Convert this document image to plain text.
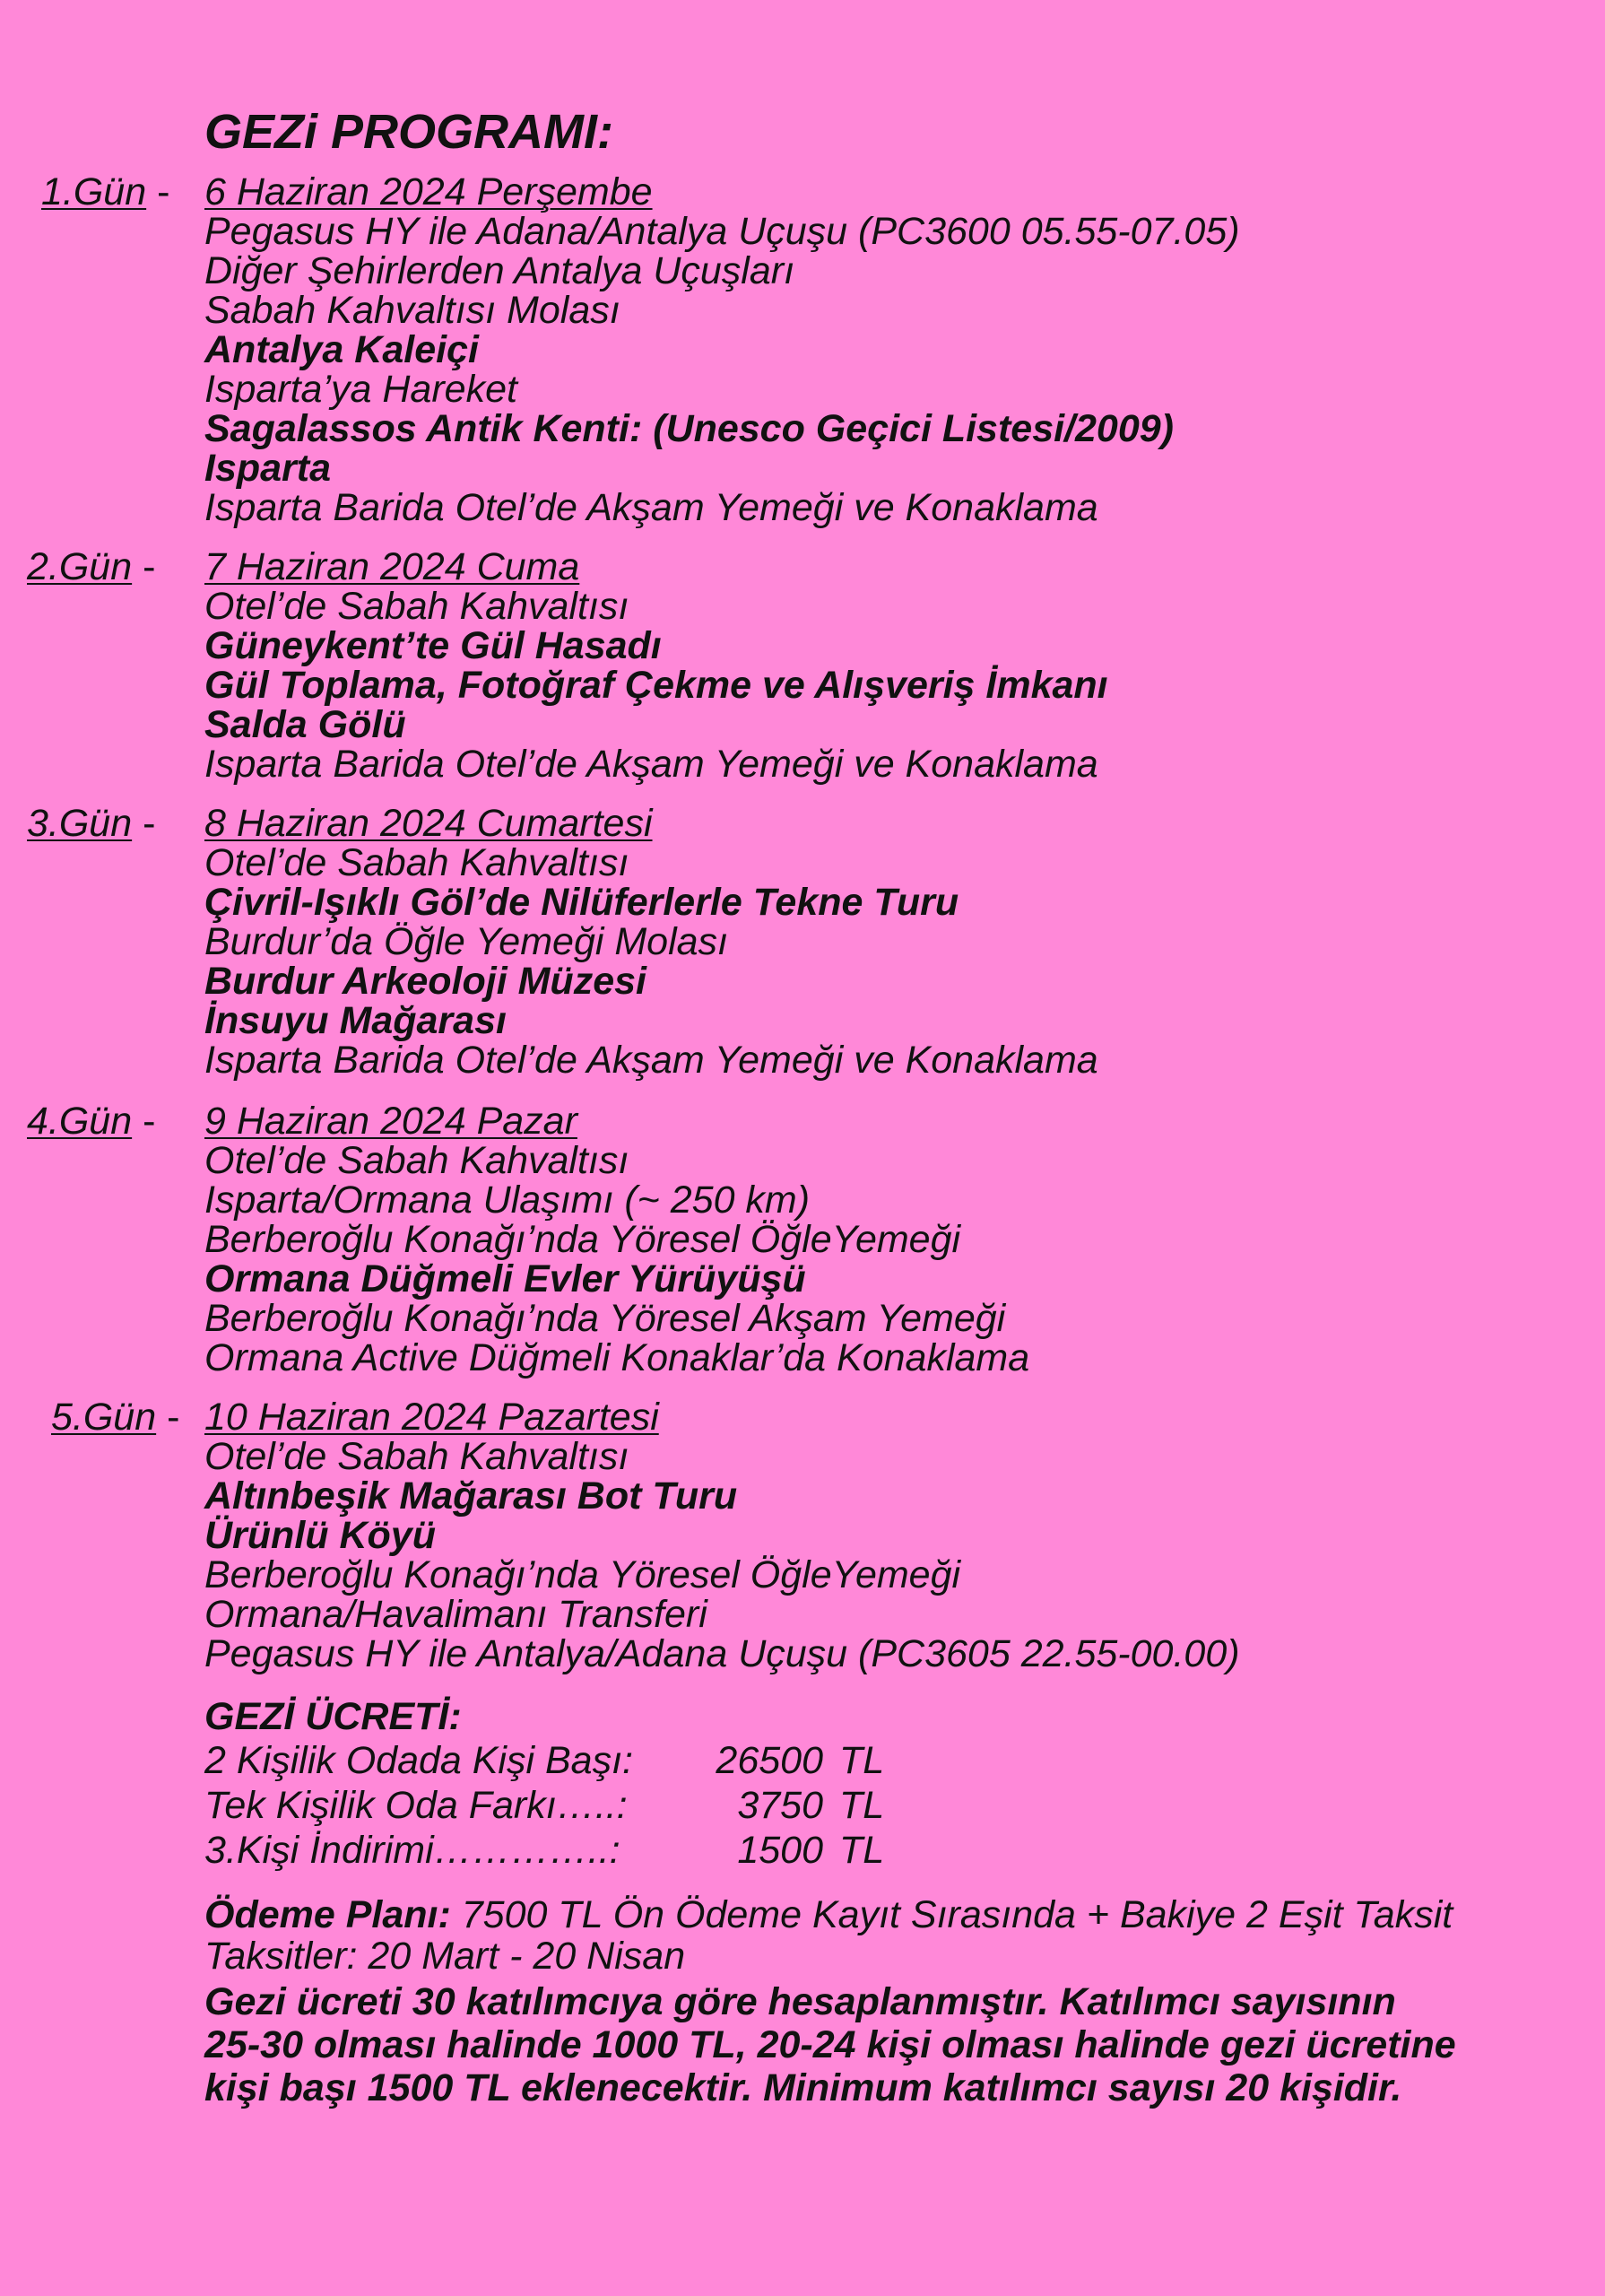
GEZi PROGRAMI:
1.Gün - 6 Haziran 2024 Perşembe
Pegasus HY ile Adana/Antalya Uçuşu (PC3600 05.55-07.05)
Diğer Şehirlerden Antalya Uçuşları
Sabah Kahvaltısı Molası
Antalya Kaleiçi
Isparta’ya Hareket
Sagalassos Antik Kenti: (Unesco Geçici Listesi/2009)
Isparta
Isparta Barida Otel’de Akşam Yemeği ve Konaklama
2.Gün - 7 Haziran 2024 Cuma
Otel’de Sabah Kahvaltısı
Güneykent’te Gül Hasadı
Gül Toplama, Fotoğraf Çekme ve Alışveriş İmkanı
Salda Gölü
Isparta Barida Otel’de Akşam Yemeği ve Konaklama
3.Gün - 8 Haziran 2024 Cumartesi
Otel’de Sabah Kahvaltısı
Çivril-Işıklı Göl’de Nilüferlerle Tekne Turu
Burdur’da Öğle Yemeği Molası
Burdur Arkeoloji Müzesi
İnsuyu Mağarası
Isparta Barida Otel’de Akşam Yemeği ve Konaklama
4.Gün - 9 Haziran 2024 Pazar
Otel’de Sabah Kahvaltısı
Isparta/Ormana Ulaşımı (~ 250 km)
Berberoğlu Konağı’nda Yöresel ÖğleYemeği
Ormana Düğmeli Evler Yürüyüşü
Berberoğlu Konağı’nda Yöresel Akşam Yemeği
Ormana Active Düğmeli Konaklar’da Konaklama
5.Gün - 10 Haziran 2024 Pazartesi
Otel’de Sabah Kahvaltısı
Altınbeşik Mağarası Bot Turu
Ürünlü Köyü
Berberoğlu Konağı’nda Yöresel ÖğleYemeği
Ormana/Havalimanı Transferi
Pegasus HY ile Antalya/Adana Uçuşu (PC3605 22.55-00.00)
GEZİ ÜCRETİ:
2 Kişilik Odada Kişi Başı:	26500 TL
Tek Kişilik Oda Farkı…..:	3750 TL
3.Kişi İndirimi…………..:	1500 TL
Ödeme Planı: 7500 TL Ön Ödeme Kayıt Sırasında + Bakiye 2 Eşit Taksit
Taksitler: 20 Mart - 20 Nisan
Gezi ücreti 30 katılımcıya göre hesaplanmıştır. Katılımcı sayısının
25-30 olması halinde 1000 TL, 20-24 kişi olması halinde gezi ücretine
kişi başı 1500 TL eklenecektir. Minimum katılımcı sayısı 20 kişidir.
